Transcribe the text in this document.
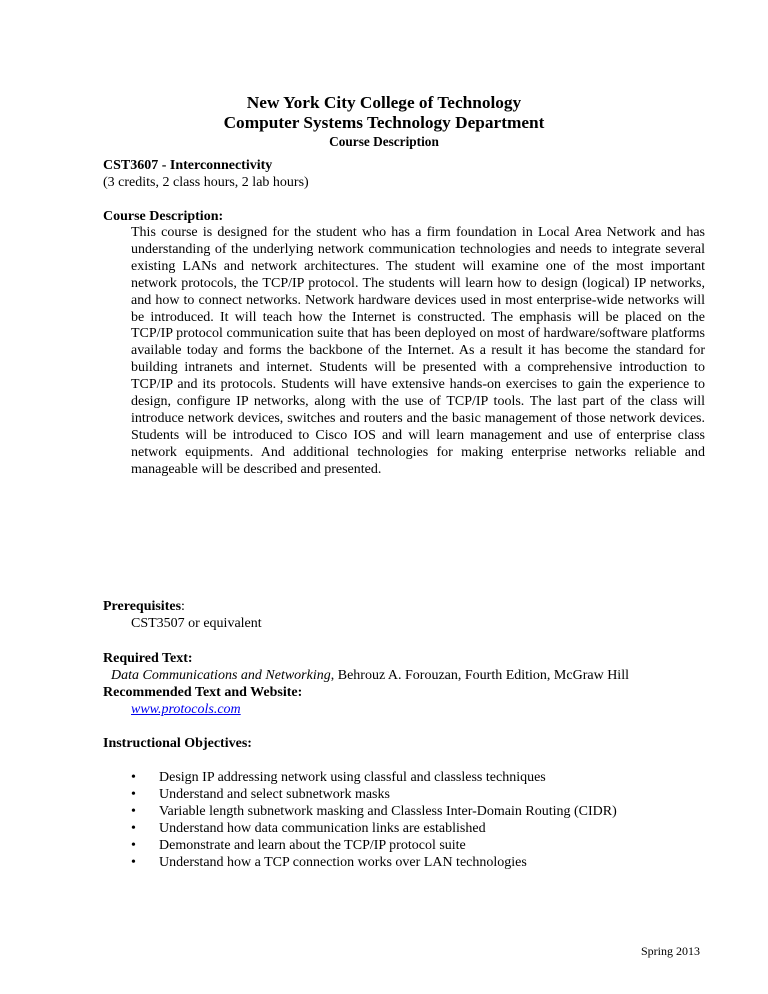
New York City College of Technology

Computer Systems Technology Department

Course Description

CST3607 - Interconnectivity
(3 credits, 2 class hours, 2 lab hours)
Course Description:

This course is designed for the student who has a firm foundation in Local Area Network and has understanding of the underlying network communication technologies and needs to integrate several existing LANs and network architectures. The student will examine one of the most important network protocols, the TCP/IP protocol. The students will learn how to design (logical) IP networks, and how to connect networks. Network hardware devices used in most enterprise-wide networks will be introduced. It will teach how the Internet is constructed. The emphasis will be placed on the TCP/IP protocol communication suite that has been deployed on most of hardware/software platforms available today and forms the backbone of the Internet. As a result it has become the standard for building intranets and internet. Students will be presented with a comprehensive introduction to TCP/IP and its protocols. Students will have extensive hands-on exercises to gain the experience to design, configure IP networks, along with the use of TCP/IP tools. The last part of the class will introduce network devices, switches and routers and the basic management of those network devices. Students will be introduced to Cisco IOS and will learn management and use of enterprise class network equipments. And additional technologies for making enterprise networks reliable and manageable will be described and presented.

Prerequisites:
CST3507 or equivalent
Required Text:
Data Communications and Networking, Behrouz A. Forouzan, Fourth Edition, McGraw Hill
Recommended Text and Website:
www.protocols.com
Instructional Objectives:
• Design IP addressing network using classful and classless techniques
• Understand and select subnetwork masks
• Variable length subnetwork masking and Classless Inter-Domain Routing (CIDR)
• Understand how data communication links are established
• Demonstrate and learn about the TCP/IP protocol suite
• Understand how a TCP connection works over LAN technologies
Spring 2013
